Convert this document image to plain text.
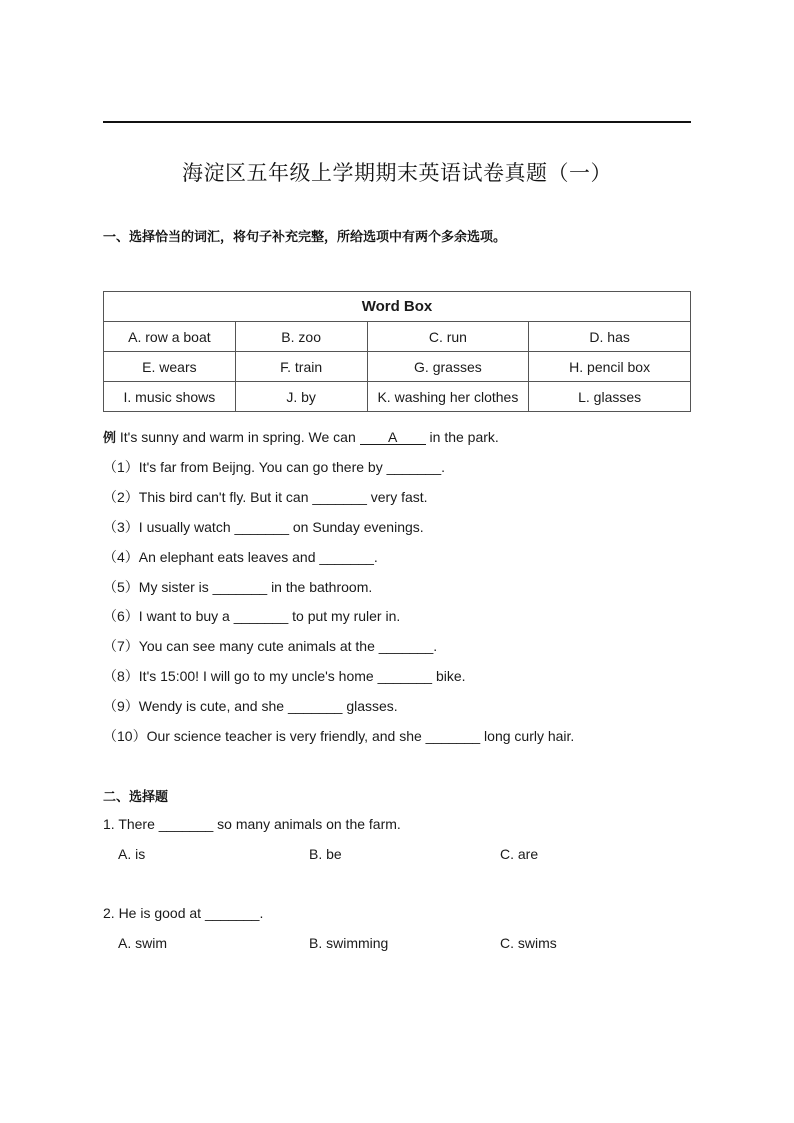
海淀区五年级上学期期末英语试卷真题（一）
一、选择恰当的词汇，将句子补充完整，所给选项中有两个多余选项。
Word Box			
A. row a boat	B. zoo	C. run	D. has
E. wears	F. train	G. grasses	H. pencil box
I. music shows	J. by	K. washing her clothes	L. glasses
例 It's sunny and warm in spring. We can A in the park.
（1）It's far from Beijng. You can go there by _______.
（2）This bird can't fly. But it can _______ very fast.
（3）I usually watch _______ on Sunday evenings.
（4）An elephant eats leaves and _______.
（5）My sister is _______ in the bathroom.
（6）I want to buy a _______ to put my ruler in.
（7）You can see many cute animals at the _______.
（8）It's 15:00! I will go to my uncle's home _______ bike.
（9）Wendy is cute, and she _______ glasses.
（10）Our science teacher is very friendly, and she _______ long curly hair.
二、选择题
1. There _______ so many animals on the farm.
A. is	B. be	C. are
2. He is good at _______.
A. swim	B. swimming	C. swims
